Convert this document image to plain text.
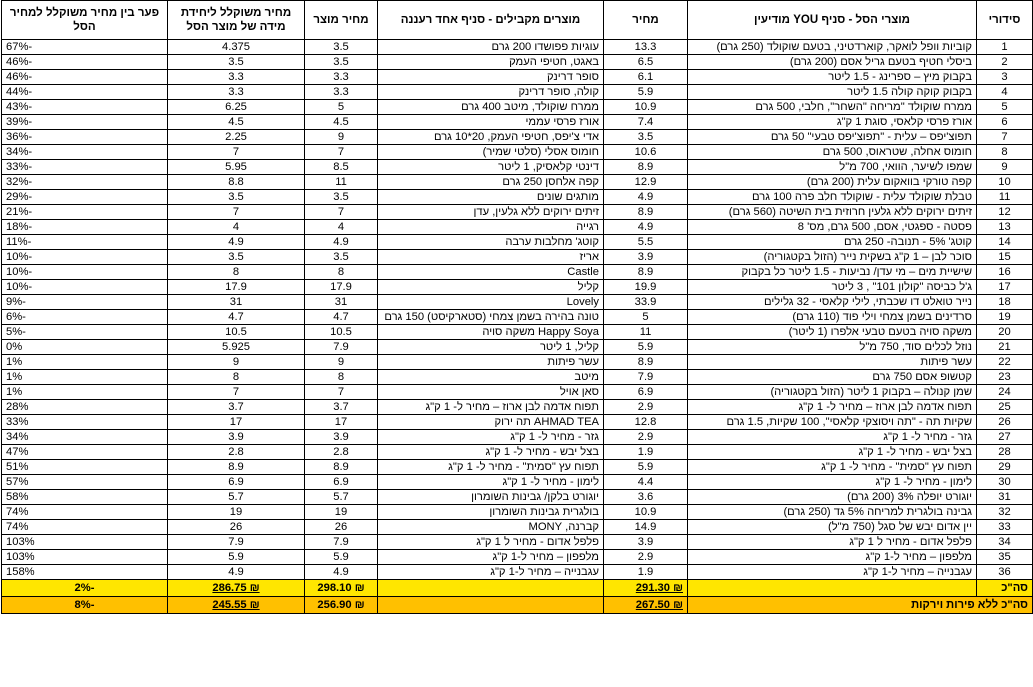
סידורי	מוצרי הסל - סניף YOU מודיעין	מחיר	מוצרים מקבילים - סניף אחד רעננה	מחיר מוצר	מחיר משוקלל ליחידת מידה של מוצר הסל	פער בין מחיר משוקלל למחיר הסל
1	קוביות וופל לואקר, קוארדטיני, בטעם שוקולד (250 גרם)	13.3	עוגיות פפושדו 200 גרם	3.5	4.375	-67%
2	ביסלי חטיף בטעם גריל אסם (200 גרם)	6.5	באגט, חטיפי העמק	3.5	3.5	-46%
3	בקבוק מיץ – ספרינג - 1.5 ליטר	6.1	סופר דרינק	3.3	3.3	-46%
4	בקבוק קוקה קולה 1.5 ליטר	5.9	קולה, סופר דרינק	3.3	3.3	-44%
5	ממרח שוקולד "מריחה "השחר", חלבי, 500 גרם	10.9	ממרח שוקולד, מיטב 400 גרם	5	6.25	-43%
6	אורז פרסי קלאסי, סוגת 1 ק"ג	7.4	אורז פרסי עממי	4.5	4.5	-39%
7	תפוצ'יפס – עלית - "תפוצ'יפס טבעי" 50 גרם	3.5	אדי צ'יפס, חטיפי העמק, 20*10 גרם	9	2.25	-36%
8	חומוס אחלה, שטראוס, 500 גרם	10.6	חומוס אסלי (סלטי שמיר)	7	7	-34%
9	שמפו לשיער, הוואי, 700 מ"ל	8.9	דינטי קלאסיק, 1 ליטר	8.5	5.95	-33%
10	קפה טורקי בוואקום עלית (200 גרם)	12.9	קפה אלחסן 250 גרם	11	8.8	-32%
11	טבלת שוקולד עלית - שוקולד חלב פרה 100 גרם	4.9	מותגים שונים	3.5	3.5	-29%
12	זיתים ירוקים ללא גלעין חרוזית בית השיטה (560 גרם)	8.9	זיתים ירוקים ללא גלעין, עדן	7	7	-21%
13	פסטה - ספגטי, אסם, 500 גרם, מס' 8	4.9	רגייה	4	4	-18%
14	קוטג' 5% - תנובה- 250 גרם	5.5	קוטג' מחלבות ערבה	4.9	4.9	-11%
15	סוכר לבן – 1 ק"ג בשקית נייר (הזול בקטגוריה)	3.9	אריז	3.5	3.5	-10%
16	שישיית מים – מי עדן/ נביעות - 1.5 ליטר כל בקבוק	8.9	Castle	8	8	-10%
17	ג'ל כביסה "קולון 101" , 3 ליטר	19.9	קליל	17.9	17.9	-10%
18	נייר טואלט דו שכבתי, לילי קלאסי - 32 גלילים	33.9	Lovely	31	31	-9%
19	סרדינים בשמן צמחי וילי פוד (110 גרם)	5	טונה בהירה בשמן צמחי (סטארקיסט) 150 גרם	4.7	4.7	-6%
20	משקה סויה בטעם טבעי אלפרו (1 ליטר)	11	Happy Soya משקה סויה	10.5	10.5	-5%
21	נוזל לכלים סוד, 750 מ"ל	5.9	קליל, 1 ליטר	7.9	5.925	0%
22	עשר פיתות	8.9	עשר פיתות	9	9	1%
23	קטשופ אסם 750 גרם	7.9	מיטב	8	8	1%
24	שמן קנולה – בקבוק 1 ליטר (הזול בקטגוריה)	6.9	סאן אויל	7	7	1%
25	תפוח אדמה לבן ארוז – מחיר ל- 1 ק"ג	2.9	תפוח אדמה לבן ארוז – מחיר ל- 1 ק"ג	3.7	3.7	28%
26	שקיות תה - "תה ויסוצקי קלאסי", 100 שקיות, 1.5 גרם	12.8	AHMAD TEA תה ירוק	17	17	33%
27	גזר - מחיר ל- 1 ק"ג	2.9	גזר - מחיר ל- 1 ק"ג	3.9	3.9	34%
28	בצל יבש - מחיר ל- 1 ק"ג	1.9	בצל יבש - מחיר ל- 1 ק"ג	2.8	2.8	47%
29	תפוח עץ "סמית" - מחיר ל- 1 ק"ג	5.9	תפוח עץ "סמית" - מחיר ל- 1 ק"ג	8.9	8.9	51%
30	לימון - מחיר ל- 1 ק"ג	4.4	לימון - מחיר ל- 1 ק"ג	6.9	6.9	57%
31	יוגורט יופלה 3% (200 גרם)	3.6	יוגורט בלקן/ גבינות השומרון	5.7	5.7	58%
32	גבינה בולגרית למריחה 5% גד (250 גרם)	10.9	בולגרית גבינות השומרון	19	19	74%
33	יין אדום יבש של סגל (750 מ"ל)	14.9	קברנה, MONY	26	26	74%
34	פלפל אדום - מחיר ל 1 ק"ג	3.9	פלפל אדום - מחיר ל 1 ק"ג	7.9	7.9	103%
35	מלפפון – מחיר ל-1 ק"ג	2.9	מלפפון – מחיר ל-1 ק"ג	5.9	5.9	103%
36	עגבנייה – מחיר ל-1 ק"ג	1.9	עגבנייה – מחיר ל-1 ק"ג	4.9	4.9	158%
סה"כ		₪ 291.30		₪ 298.10	₪ 286.75	-2%
סה"כ ללא פירות וירקות		₪ 267.50		₪ 256.90	₪ 245.55	-8%
